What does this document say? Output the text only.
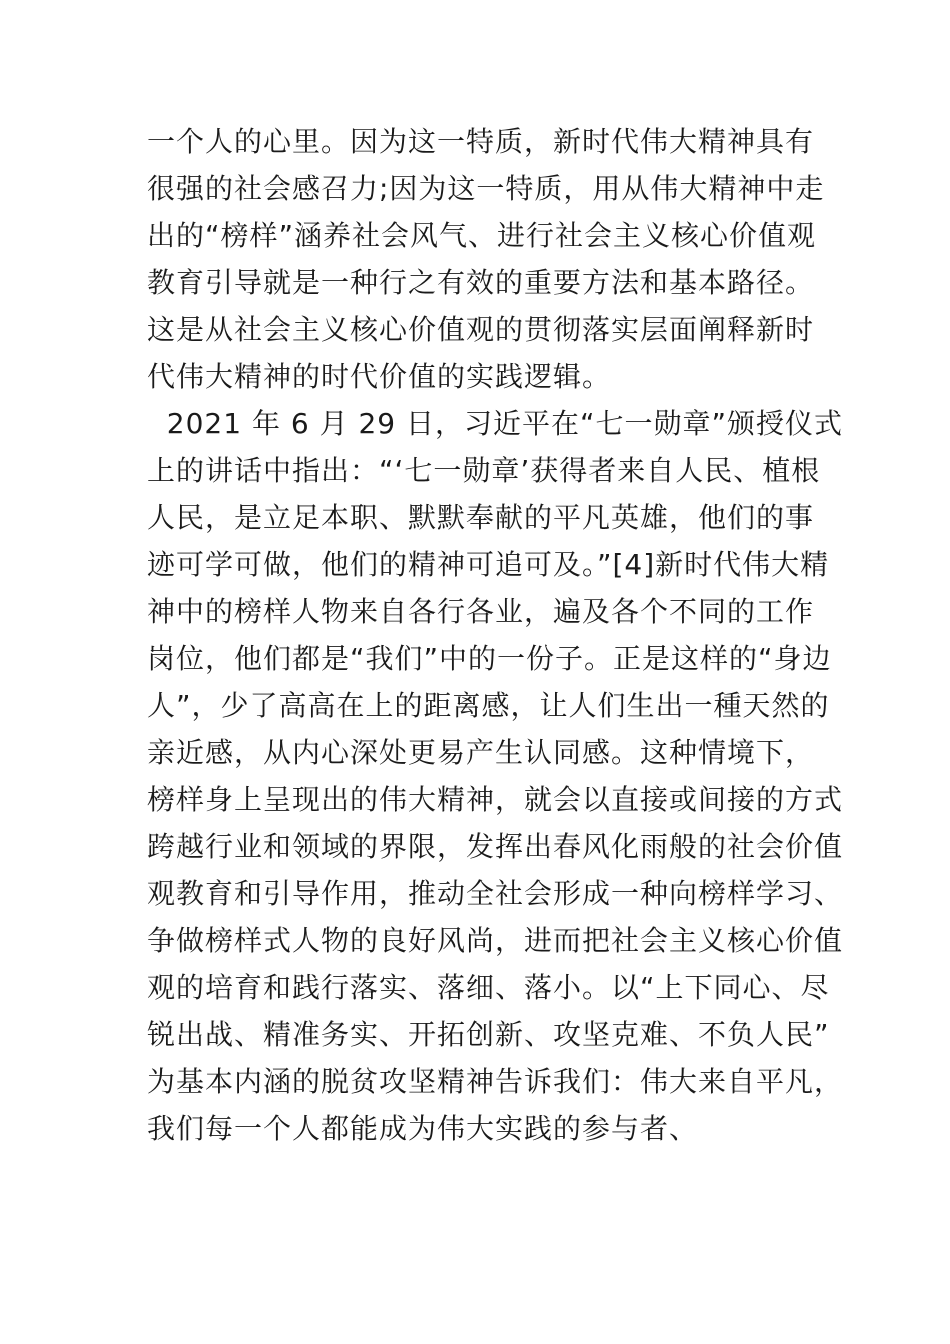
一个人的心里。因为这一特质，新时代伟大精神具有
很强的社会感召力;因为这一特质，用从伟大精神中走
出的“榜样”涵养社会风气、进行社会主义核心价值观
教育引导就是一种行之有效的重要方法和基本路径。
这是从社会主义核心价值观的贯彻落实层面阐释新时
代伟大精神的时代价值的实践逻辑。
2021 年 6 月 29 日，习近平在“七一勋章”颁授仪式
上的讲话中指出：“‘七一勋章’获得者来自人民、植根
人民，是立足本职、默默奉献的平凡英雄，他们的事
迹可学可做，他们的精神可追可及。”[4]新时代伟大精
神中的榜样人物来自各行各业，遍及各个不同的工作
岗位，他们都是“我们”中的一份子。正是这样的“身边
人”，少了高高在上的距离感，让人们生出一種天然的
亲近感，从内心深处更易产生认同感。这种情境下，
榜样身上呈现出的伟大精神，就会以直接或间接的方式
跨越行业和领域的界限，发挥出春风化雨般的社会价值
观教育和引导作用，推动全社会形成一种向榜样学习、
争做榜样式人物的良好风尚，进而把社会主义核心价值
观的培育和践行落实、落细、落小。以“上下同心、尽
锐出战、精准务实、开拓创新、攻坚克难、不负人民”
为基本内涵的脱贫攻坚精神告诉我们：伟大来自平凡，
我们每一个人都能成为伟大实践的参与者、
